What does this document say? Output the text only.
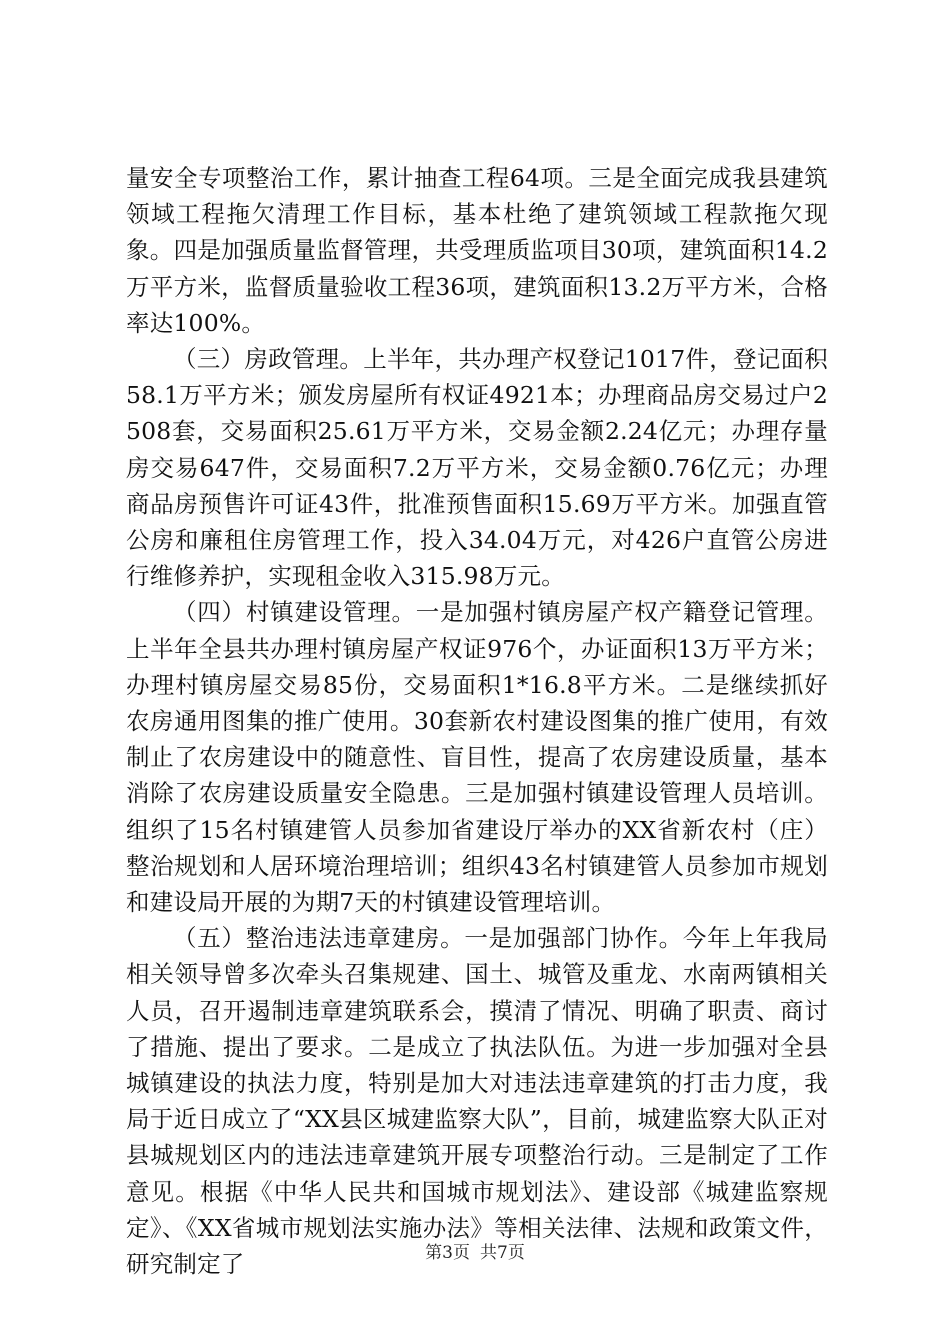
量安全专项整治工作，累计抽查工程64项。三是全面完成我县建筑领域工程拖欠清理工作目标，基本杜绝了建筑领域工程款拖欠现象。四是加强质量监督管理，共受理质监项目30项，建筑面积14.2万平方米，监督质量验收工程36项，建筑面积13.2万平方米，合格率达100%。

（三）房政管理。上半年，共办理产权登记1017件，登记面积58.1万平方米；颁发房屋所有权证4921本；办理商品房交易过户2508套，交易面积25.61万平方米，交易金额2.24亿元；办理存量房交易647件，交易面积7.2万平方米，交易金额0.76亿元；办理商品房预售许可证43件，批准预售面积15.69万平方米。加强直管公房和廉租住房管理工作，投入34.04万元，对426户直管公房进行维修养护，实现租金收入315.98万元。

（四）村镇建设管理。一是加强村镇房屋产权产籍登记管理。上半年全县共办理村镇房屋产权证976个，办证面积13万平方米；办理村镇房屋交易85份，交易面积1*16.8平方米。二是继续抓好农房通用图集的推广使用。30套新农村建设图集的推广使用，有效制止了农房建设中的随意性、盲目性，提高了农房建设质量，基本消除了农房建设质量安全隐患。三是加强村镇建设管理人员培训。组织了15名村镇建管人员参加省建设厅举办的XX省新农村（庄）整治规划和人居环境治理培训；组织43名村镇建管人员参加市规划和建设局开展的为期7天的村镇建设管理培训。

（五）整治违法违章建房。一是加强部门协作。今年上年我局相关领导曾多次牵头召集规建、国土、城管及重龙、水南两镇相关人员，召开遏制违章建筑联系会，摸清了情况、明确了职责、商讨了措施、提出了要求。二是成立了执法队伍。为进一步加强对全县城镇建设的执法力度，特别是加大对违法违章建筑的打击力度，我局于近日成立了“XX县区城建监察大队”，目前，城建监察大队正对县城规划区内的违法违章建筑开展专项整治行动。三是制定了工作意见。根据《中华人民共和国城市规划法》、建设部《城建监察规定》、《XX省城市规划法实施办法》等相关法律、法规和政策文件，研究制定了	第3页 共7页
